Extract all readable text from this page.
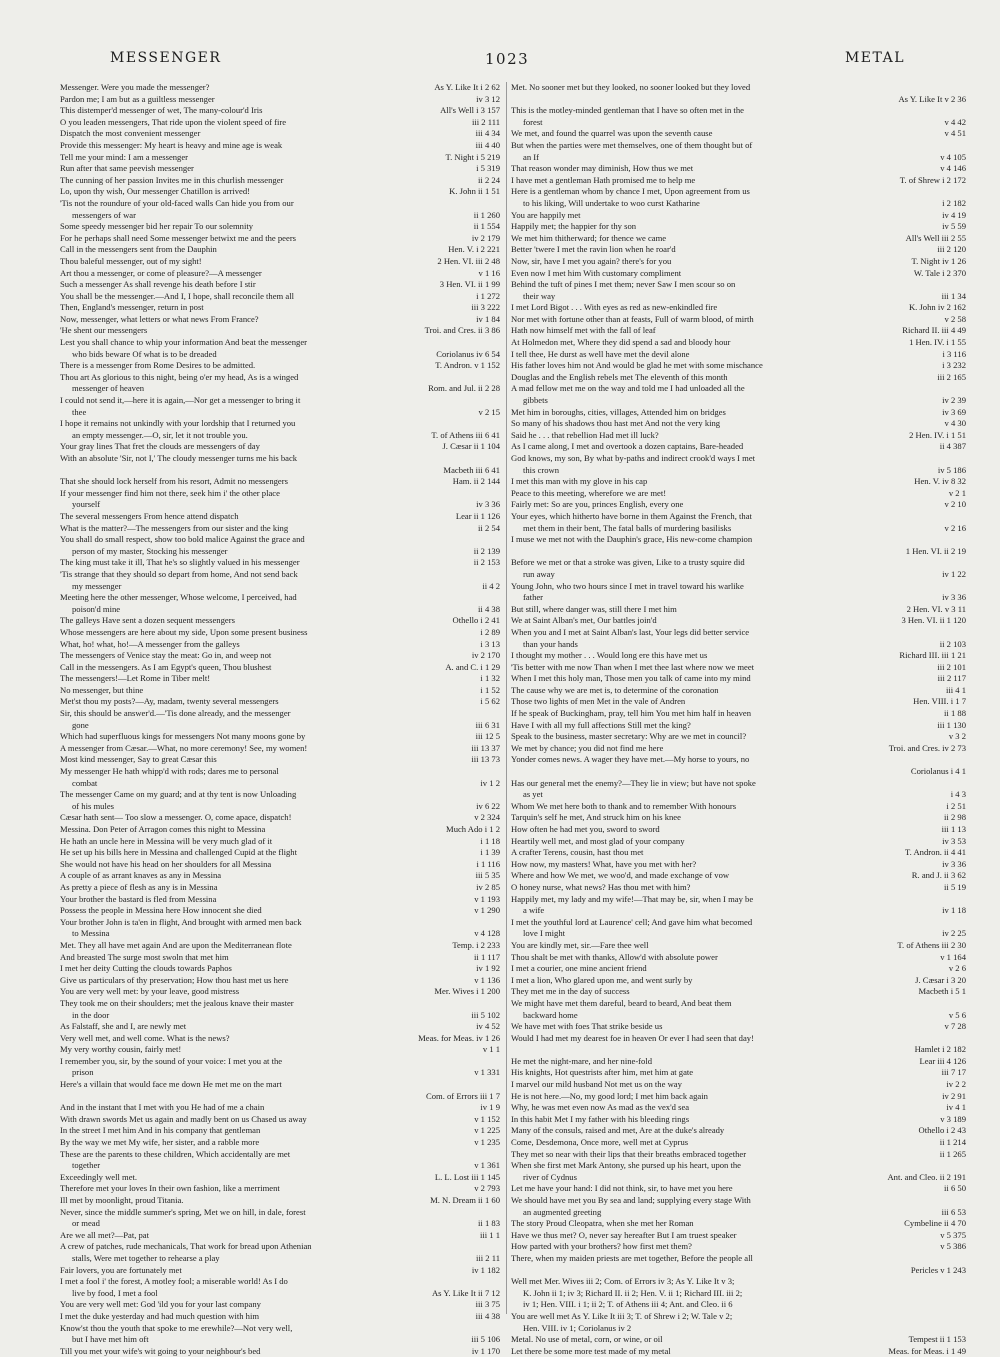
MESSENGER	1023	METAL
Messenger. Were you made the messenger?	As Y. Like It i 2 62
Pardon me; I am but as a guiltless messenger	iv 3 12
This distemper'd messenger of wet, The many-colour'd Iris	All's Well i 3 157
O you leaden messengers, That ride upon the violent speed of fire	iii 2 111
Dispatch the most convenient messenger	iii 4 34
Provide this messenger: My heart is heavy and mine age is weak	iii 4 40
Tell me your mind: I am a messenger	T. Night i 5 219
Run after that same peevish messenger	i 5 319
The cunning of her passion Invites me in this churlish messenger	ii 2 24
Lo, upon thy wish, Our messenger Chatillon is arrived!	K. John ii 1 51
'Tis not the roundure of your old-faced walls Can hide you from our
messengers of war	ii 1 260
Some speedy messenger bid her repair To our solemnity	ii 1 554
For he perhaps shall need Some messenger betwixt me and the peers	iv 2 179
Call in the messengers sent from the Dauphin	Hen. V. i 2 221
Thou baleful messenger, out of my sight!	2 Hen. VI. iii 2 48
Art thou a messenger, or come of pleasure?—A messenger	v 1 16
Such a messenger As shall revenge his death before I stir	3 Hen. VI. ii 1 99
You shall be the messenger.—And I, I hope, shall reconcile them all	i 1 272
Then, England's messenger, return in post	iii 3 222
Now, messenger, what letters or what news From France?	iv 1 84
'He shent our messengers	Troi. and Cres. ii 3 86
Lest you shall chance to whip your information And beat the messenger
who bids beware Of what is to be dreaded	Coriolanus iv 6 54
There is a messenger from Rome Desires to be admitted.	T. Andron. v 1 152
Thou art As glorious to this night, being o'er my head, As is a winged
messenger of heaven	Rom. and Jul. ii 2 28
I could not send it,—here it is again,—Nor get a messenger to bring it
thee	v 2 15
I hope it remains not unkindly with your lordship that I returned you
an empty messenger.—O, sir, let it not trouble you.	T. of Athens iii 6 41
Your gray lines That fret the clouds are messengers of day	J. Cæsar ii 1 104
With an absolute 'Sir, not I,' The cloudy messenger turns me his back
Macbeth iii 6 41
That she should lock herself from his resort, Admit no messengers	Ham. ii 2 144
If your messenger find him not there, seek him i' the other place
yourself	iv 3 36
The several messengers From hence attend dispatch	Lear ii 1 126
What is the matter?—The messengers from our sister and the king	ii 2 54
You shall do small respect, show too bold malice Against the grace and
person of my master, Stocking his messenger	ii 2 139
The king must take it ill, That he's so slightly valued in his messenger	ii 2 153
'Tis strange that they should so depart from home, And not send back
my messenger	ii 4 2
Meeting here the other messenger, Whose welcome, I perceived, had
poison'd mine	ii 4 38
The galleys Have sent a dozen sequent messengers	Othello i 2 41
Whose messengers are here about my side, Upon some present business	i 2 89
What, ho! what, ho!—A messenger from the galleys	i 3 13
The messengers of Venice stay the meat: Go in, and weep not	iv 2 170
Call in the messengers. As I am Egypt's queen, Thou blushest	A. and C. i 1 29
The messengers!—Let Rome in Tiber melt!	i 1 32
No messenger, but thine	i 1 52
Met'st thou my posts?—Ay, madam, twenty several messengers	i 5 62
Sir, this should be answer'd.—'Tis done already, and the messenger
gone	iii 6 31
Which had superfluous kings for messengers Not many moons gone by	iii 12 5
A messenger from Cæsar.—What, no more ceremony! See, my women!	iii 13 37
Most kind messenger, Say to great Cæsar this	iii 13 73
My messenger He hath whipp'd with rods; dares me to personal
combat	iv 1 2
The messenger Came on my guard; and at thy tent is now Unloading
of his mules	iv 6 22
Cæsar hath sent— Too slow a messenger. O, come apace, dispatch!	v 2 324
Messina. Don Peter of Arragon comes this night to Messina	Much Ado i 1 2
He hath an uncle here in Messina will be very much glad of it	i 1 18
He set up his bills here in Messina and challenged Cupid at the flight	i 1 39
She would not have his head on her shoulders for all Messina	i 1 116
A couple of as arrant knaves as any in Messina	iii 5 35
As pretty a piece of flesh as any is in Messina	iv 2 85
Your brother the bastard is fled from Messina	v 1 193
Possess the people in Messina here How innocent she died	v 1 290
Your brother John is ta'en in flight, And brought with armed men back
to Messina	v 4 128
Met. They all have met again And are upon the Mediterranean flote	Temp. i 2 233
And breasted The surge most swoln that met him	ii 1 117
I met her deity Cutting the clouds towards Paphos	iv 1 92
Give us particulars of thy preservation; How thou hast met us here	v 1 136
You are very well met: by your leave, good mistress	Mer. Wives i 1 200
They took me on their shoulders; met the jealous knave their master
in the door	iii 5 102
As Falstaff, she and I, are newly met	iv 4 52
Very well met, and well come. What is the news?	Meas. for Meas. iv 1 26
My very worthy cousin, fairly met!	v 1 1
I remember you, sir, by the sound of your voice: I met you at the
prison	v 1 331
Here's a villain that would face me down He met me on the mart
Com. of Errors iii 1 7
And in the instant that I met with you He had of me a chain	iv 1 9
With drawn swords Met us again and madly bent on us Chased us away	v 1 152
In the street I met him And in his company that gentleman	v 1 225
By the way we met My wife, her sister, and a rabble more	v 1 235
These are the parents to these children, Which accidentally are met
together	v 1 361
Exceedingly well met.	L. L. Lost iii 1 145
Therefore met your loves In their own fashion, like a merriment	v 2 793
Ill met by moonlight, proud Titania.	M. N. Dream ii 1 60
Never, since the middle summer's spring, Met we on hill, in dale, forest
or mead	ii 1 83
Are we all met?—Pat, pat	iii 1 1
A crew of patches, rude mechanicals, That work for bread upon Athenian
stalls, Were met together to rehearse a play	iii 2 11
Fair lovers, you are fortunately met	iv 1 182
I met a fool i' the forest, A motley fool; a miserable world! As I do
live by food, I met a fool	As Y. Like It ii 7 12
You are very well met: God 'ild you for your last company	iii 3 75
I met the duke yesterday and had much question with him	iii 4 38
Know'st thou the youth that spoke to me erewhile?—Not very well,
but I have met him oft	iii 5 106
Till you met your wife's wit going to your neighbour's bed	iv 1 170
Met. No sooner met but they looked, no sooner looked but they loved
As Y. Like It v 2 36
This is the motley-minded gentleman that I have so often met in the
forest	v 4 42
We met, and found the quarrel was upon the seventh cause	v 4 51
But when the parties were met themselves, one of them thought but of
an If	v 4 105
That reason wonder may diminish, How thus we met	v 4 146
I have met a gentleman Hath promised me to help me	T. of Shrew i 2 172
Here is a gentleman whom by chance I met, Upon agreement from us
to his liking, Will undertake to woo curst Katharine	i 2 182
You are happily met	iv 4 19
Happily met; the happier for thy son	iv 5 59
We met him thitherward; for thence we came	All's Well iii 2 55
Better 'twere I met the ravin lion when he roar'd	iii 2 120
Now, sir, have I met you again? there's for you	T. Night iv 1 26
Even now I met him With customary compliment	W. Tale i 2 370
Behind the tuft of pines I met them; never Saw I men scour so on
their way	iii 1 34
I met Lord Bigot . . . With eyes as red as new-enkindled fire	K. John iv 2 162
Nor met with fortune other than at feasts, Full of warm blood, of mirth	v 2 58
Hath now himself met with the fall of leaf	Richard II. iii 4 49
At Holmedon met, Where they did spend a sad and bloody hour	1 Hen. IV. i 1 55
I tell thee, He durst as well have met the devil alone	i 3 116
His father loves him not And would be glad he met with some mischance	i 3 232
Douglas and the English rebels met The eleventh of this month	iii 2 165
A mad fellow met me on the way and told me I had unloaded all the
gibbets	iv 2 39
Met him in boroughs, cities, villages, Attended him on bridges	iv 3 69
So many of his shadows thou hast met And not the very king	v 4 30
Said he . . . that rebellion Had met ill luck?	2 Hen. IV. i 1 51
As I came along, I met and overtook a dozen captains, Bare-headed	ii 4 387
God knows, my son, By what by-paths and indirect crook'd ways I met
this crown	iv 5 186
I met this man with my glove in his cap	Hen. V. iv 8 32
Peace to this meeting, wherefore we are met!	v 2 1
Fairly met: So are you, princes English, every one	v 2 10
Your eyes, which hitherto have borne in them Against the French, that
met them in their bent, The fatal balls of murdering basilisks	v 2 16
I muse we met not with the Dauphin's grace, His new-come champion
1 Hen. VI. ii 2 19
Before we met or that a stroke was given, Like to a trusty squire did
run away	iv 1 22
Young John, who two hours since I met in travel toward his warlike
father	iv 3 36
But still, where danger was, still there I met him	2 Hen. VI. v 3 11
We at Saint Alban's met, Our battles join'd	3 Hen. VI. ii 1 120
When you and I met at Saint Alban's last, Your legs did better service
than your hands	ii 2 103
I thought my mother . . . Would long ere this have met us	Richard III. iii 1 21
'Tis better with me now Than when I met thee last where now we meet	iii 2 101
When I met this holy man, Those men you talk of came into my mind	iii 2 117
The cause why we are met is, to determine of the coronation	iii 4 1
Those two lights of men Met in the vale of Andren	Hen. VIII. i 1 7
If he speak of Buckingham, pray, tell him You met him half in heaven	ii 1 88
Have I with all my full affections Still met the king?	iii 1 130
Speak to the business, master secretary: Why are we met in council?	v 3 2
We met by chance; you did not find me here	Troi. and Cres. iv 2 73
Yonder comes news. A wager they have met.—My horse to yours, no
Coriolanus i 4 1
Has our general met the enemy?—They lie in view; but have not spoke
as yet	i 4 3
Whom We met here both to thank and to remember With honours	i 2 51
Tarquin's self he met, And struck him on his knee	ii 2 98
How often he had met you, sword to sword	iii 1 13
Heartily well met, and most glad of your company	iv 3 53
A crafter Terens, cousin, hast thou met	T. Andron. ii 4 41
How now, my masters! What, have you met with her?	iv 3 36
Where and how We met, we woo'd, and made exchange of vow	R. and J. ii 3 62
O honey nurse, what news? Has thou met with him?	ii 5 19
Happily met, my lady and my wife!—That may be, sir, when I may be
a wife	iv 1 18
I met the youthful lord at Laurence' cell; And gave him what becomed
love I might	iv 2 25
You are kindly met, sir.—Fare thee well	T. of Athens iii 2 30
Thou shalt be met with thanks, Allow'd with absolute power	v 1 164
I met a courier, one mine ancient friend	v 2 6
I met a lion, Who glared upon me, and went surly by	J. Cæsar i 3 20
They met me in the day of success	Macbeth i 5 1
We might have met them dareful, beard to beard, And beat them
backward home	v 5 6
We have met with foes That strike beside us	v 7 28
Would I had met my dearest foe in heaven Or ever I had seen that day!
Hamlet i 2 182
He met the night-mare, and her nine-fold	Lear iii 4 126
His knights, Hot questrists after him, met him at gate	iii 7 17
I marvel our mild husband Not met us on the way	iv 2 2
He is not here.—No, my good lord; I met him back again	iv 2 91
Why, he was met even now As mad as the vex'd sea	iv 4 1
In this habit Met I my father with his bleeding rings	v 3 189
Many of the consuls, raised and met, Are at the duke's already	Othello i 2 43
Come, Desdemona, Once more, well met at Cyprus	ii 1 214
They met so near with their lips that their breaths embraced together	ii 1 265
When she first met Mark Antony, she pursed up his heart, upon the
river of Cydnus	Ant. and Cleo. ii 2 191
Let me have your hand: I did not think, sir, to have met you here	ii 6 50
We should have met you By sea and land; supplying every stage With
an augmented greeting	iii 6 53
The story Proud Cleopatra, when she met her Roman	Cymbeline ii 4 70
Have we thus met? O, never say hereafter But I am truest speaker	v 5 375
How parted with your brothers? how first met them?	v 5 386
There, when my maiden priests are met together, Before the people all
Pericles v 1 243
Well met Mer. Wives iii 2; Com. of Errors iv 3; As Y. Like It v 3;
K. John ii 1; iv 3; Richard II. ii 2; Hen. V. ii 1; Richard III. iii 2;
iv 1; Hen. VIII. i 1; ii 2; T. of Athens iii 4; Ant. and Cleo. ii 6
You are well met As Y. Like It iii 3; T. of Shrew i 2; W. Tale v 2;
Hen. VIII. iv 1; Coriolanus iv 2
Metal. No use of metal, corn, or wine, or oil	Tempest ii 1 153
Let there be some more test made of my metal	Meas. for Meas. i 1 49
